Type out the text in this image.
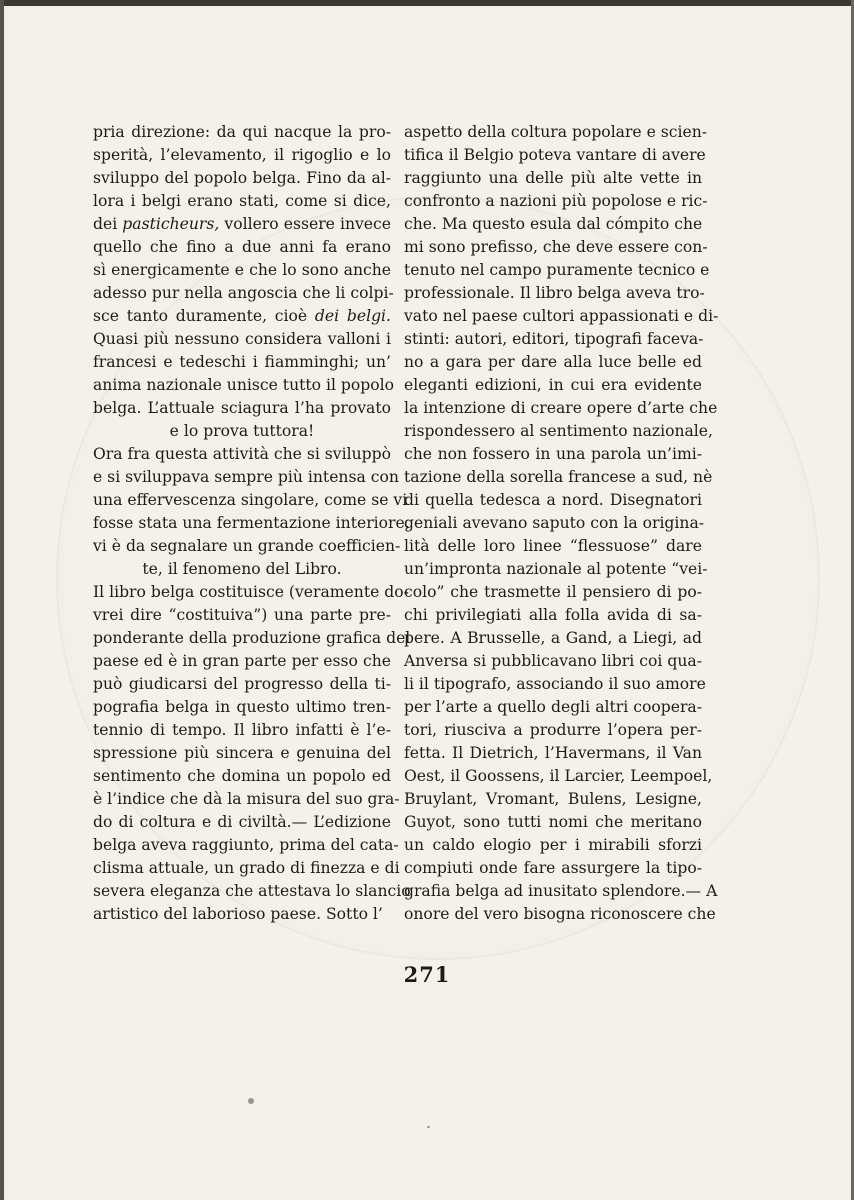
pria direzione: da qui nacque la pro-
sperità, l’elevamento, il rigoglio e lo
sviluppo del popolo belga. Fino da al-
lora i belgi erano stati, come si dice,
dei pasticheurs, vollero essere invece
quello che fino a due anni fa erano
sì energicamente e che lo sono anche
adesso pur nella angoscia che li colpi-
sce tanto duramente, cioè dei belgi.
Quasi più nessuno considera valloni i
francesi e tedeschi i fiamminghi; un’
anima nazionale unisce tutto il popolo
belga. L’attuale sciagura l’ha provato
e lo prova tuttora!
Ora fra questa attività che si sviluppò
e si sviluppava sempre più intensa con
una effervescenza singolare, come se vi
fosse stata una fermentazione interiore,
vi è da segnalare un grande coefficien-
te, il fenomeno del Libro.
Il libro belga costituisce (veramente do-
vrei dire “costituiva”) una parte pre-
ponderante della produzione grafica del
paese ed è in gran parte per esso che
può giudicarsi del progresso della ti-
pografia belga in questo ultimo tren-
tennio di tempo. Il libro infatti è l’e-
spressione più sincera e genuina del
sentimento che domina un popolo ed
è l’indice che dà la misura del suo gra-
do di coltura e di civiltà.— L’edizione
belga aveva raggiunto, prima del cata-
clisma attuale, un grado di finezza e di
severa eleganza che attestava lo slancio
artistico del laborioso paese. Sotto l’
aspetto della coltura popolare e scien-
tifica il Belgio poteva vantare di avere
raggiunto una delle più alte vette in
confronto a nazioni più popolose e ric-
che. Ma questo esula dal cómpito che
mi sono prefisso, che deve essere con-
tenuto nel campo puramente tecnico e
professionale. Il libro belga aveva tro-
vato nel paese cultori appassionati e di-
stinti: autori, editori, tipografi faceva-
no a gara per dare alla luce belle ed
eleganti edizioni, in cui era evidente
la intenzione di creare opere d’arte che
rispondessero al sentimento nazionale,
che non fossero in una parola un’imi-
tazione della sorella francese a sud, nè
di quella tedesca a nord. Disegnatori
geniali avevano saputo con la origina-
lità delle loro linee “flessuose” dare
un’impronta nazionale al potente “vei-
colo” che trasmette il pensiero di po-
chi privilegiati alla folla avida di sa-
pere. A Brusselle, a Gand, a Liegi, ad
Anversa si pubblicavano libri coi qua-
li il tipografo, associando il suo amore
per l’arte a quello degli altri coopera-
tori, riusciva a produrre l’opera per-
fetta. Il Dietrich, l’Havermans, il Van
Oest, il Goossens, il Larcier, Leempoel,
Bruylant, Vromant, Bulens, Lesigne,
Guyot, sono tutti nomi che meritano
un caldo elogio per i mirabili sforzi
compiuti onde fare assurgere la tipo-
grafia belga ad inusitato splendore.— A
onore del vero bisogna riconoscere che
271
